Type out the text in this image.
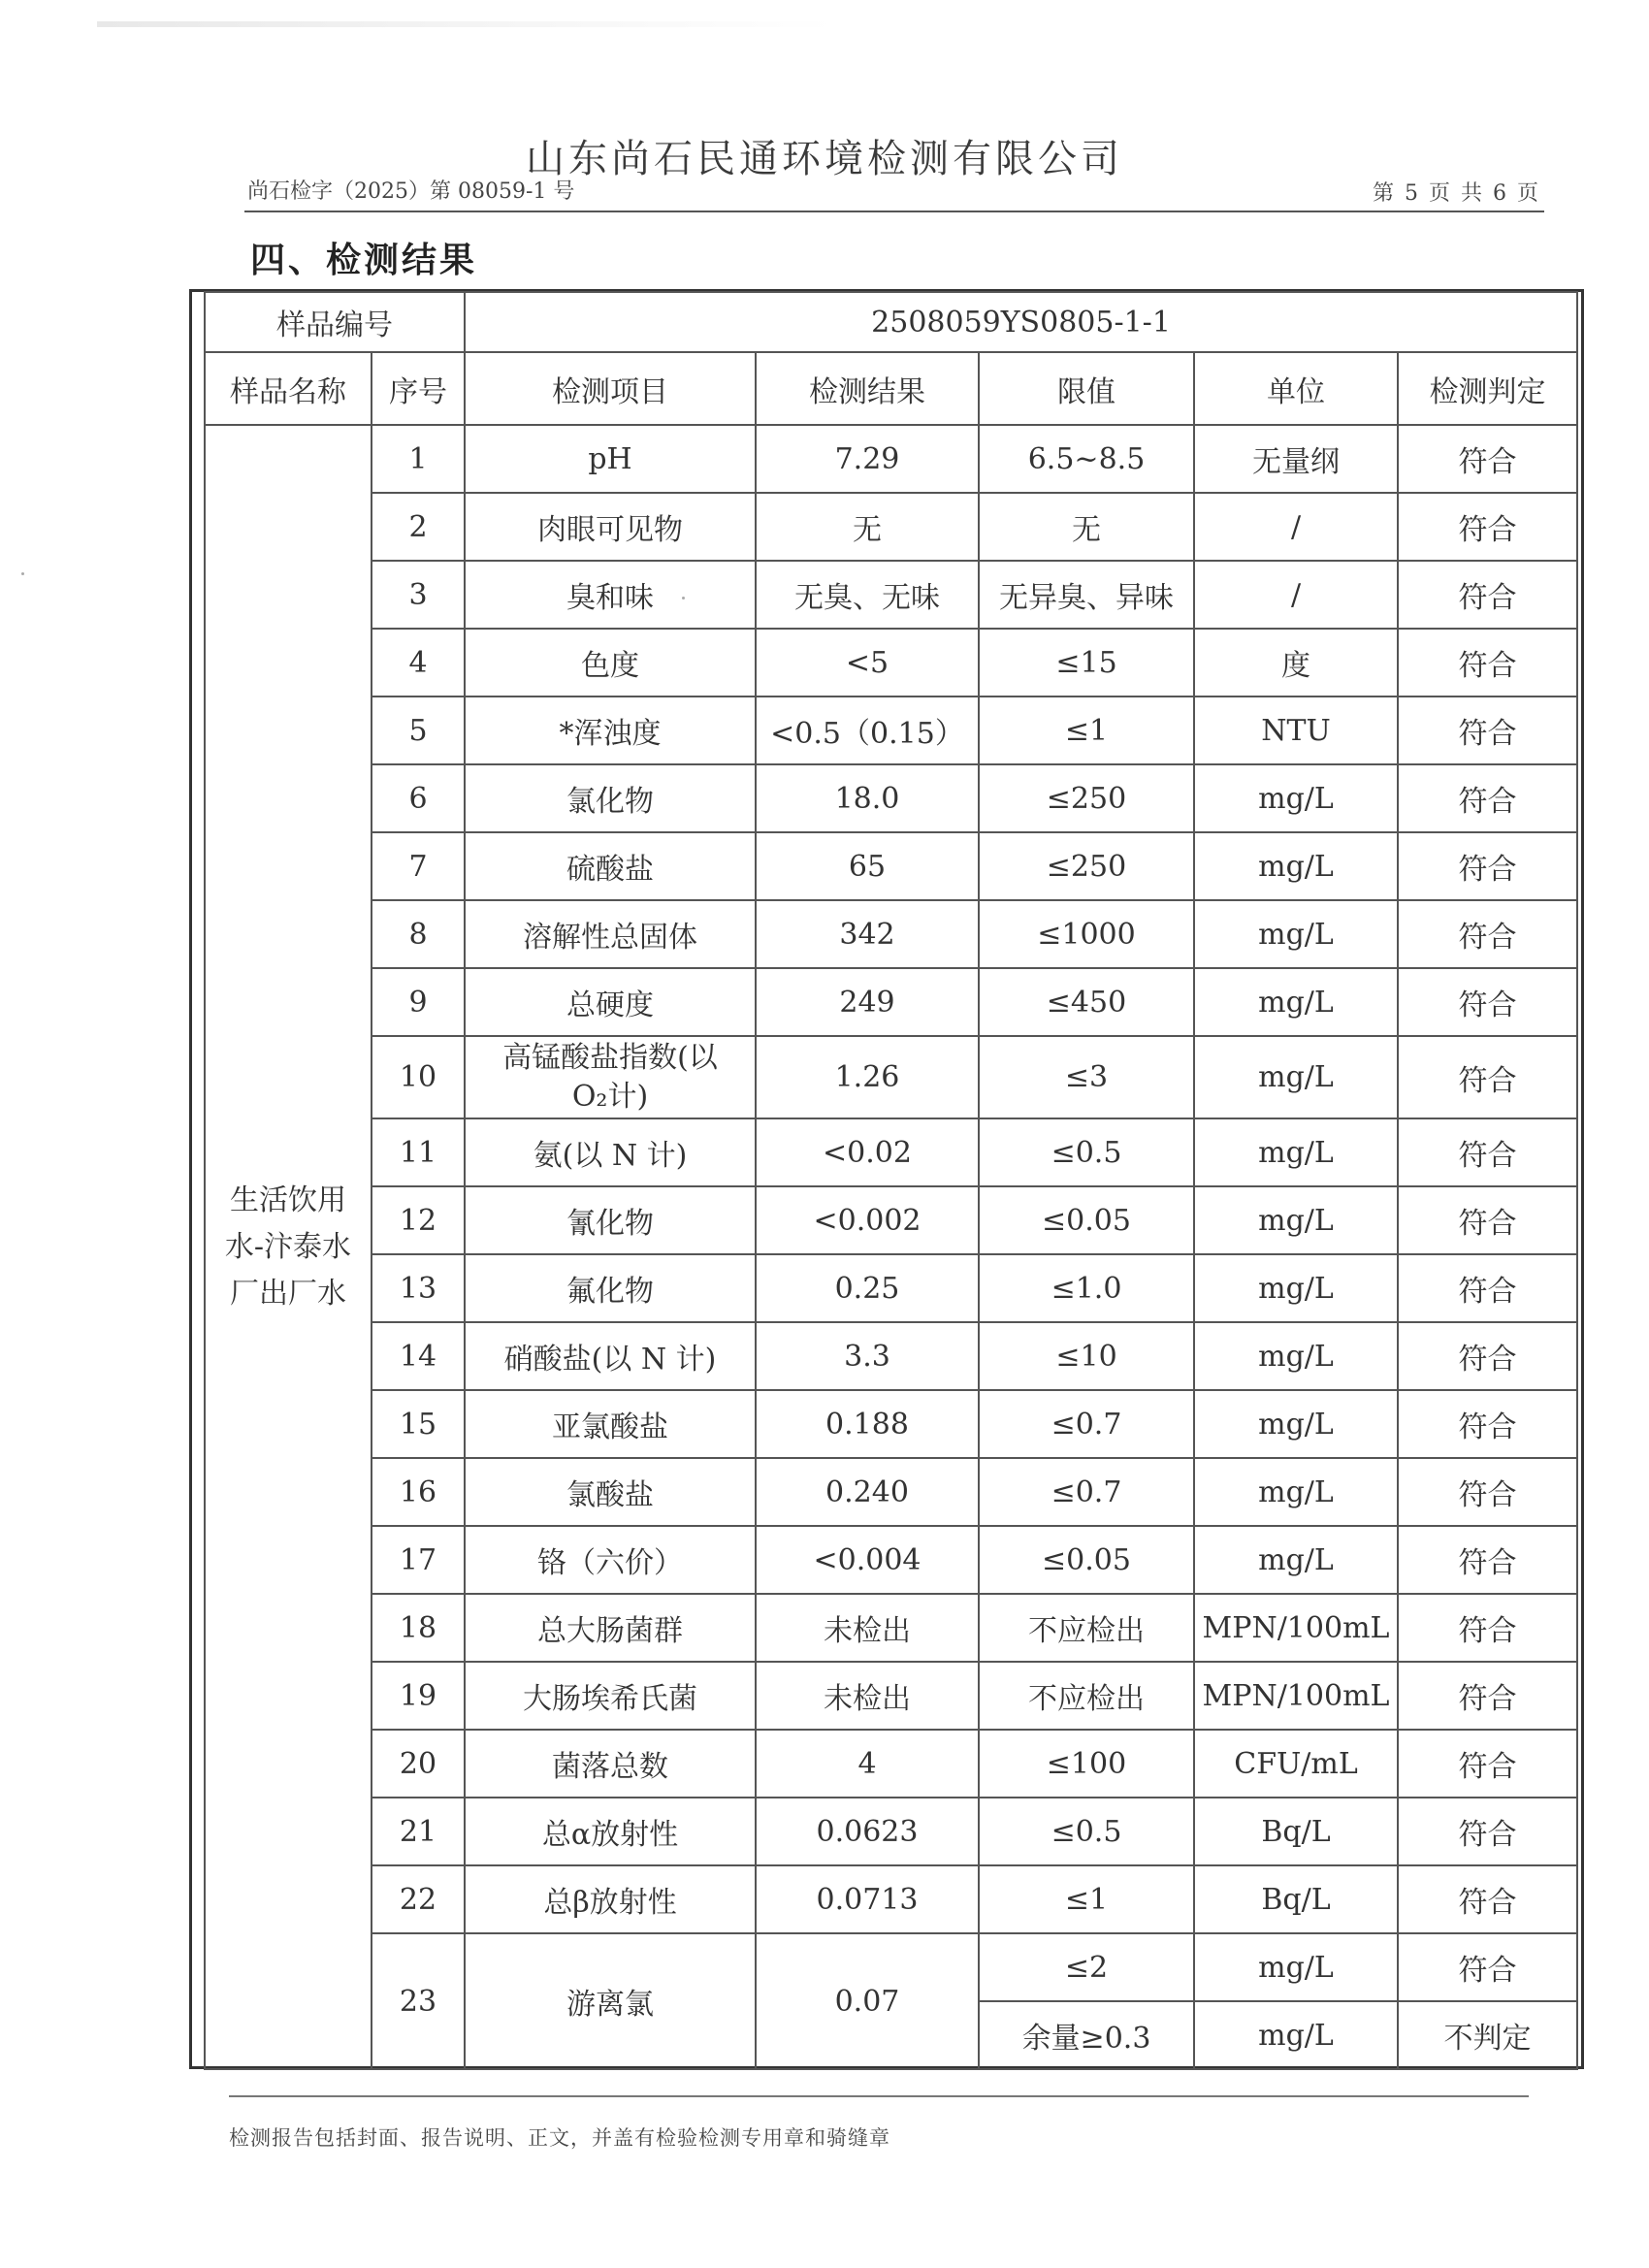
山东尚石民通环境检测有限公司
尚石检字（2025）第 08059-1 号	第 5 页 共 6 页
四、检测结果
样品编号		2508059YS0805-1-1				
样品名称	序号	检测项目	检测结果	限值	单位	检测判定
生活饮用水-汴泰水厂出厂水	1	pH	7.29	6.5~8.5	无量纲	符合
	2	肉眼可见物	无	无	/	符合
	3	臭和味	无臭、无味	无异臭、异味	/	符合
	4	色度	<5	≤15	度	符合
	5	*浑浊度	<0.5（0.15）	≤1	NTU	符合
	6	氯化物	18.0	≤250	mg/L	符合
	7	硫酸盐	65	≤250	mg/L	符合
	8	溶解性总固体	342	≤1000	mg/L	符合
	9	总硬度	249	≤450	mg/L	符合
	10	高锰酸盐指数(以O₂计)	1.26	≤3	mg/L	符合
	11	氨(以 N 计)	<0.02	≤0.5	mg/L	符合
	12	氰化物	<0.002	≤0.05	mg/L	符合
	13	氟化物	0.25	≤1.0	mg/L	符合
	14	硝酸盐(以 N 计)	3.3	≤10	mg/L	符合
	15	亚氯酸盐	0.188	≤0.7	mg/L	符合
	16	氯酸盐	0.240	≤0.7	mg/L	符合
	17	铬（六价）	<0.004	≤0.05	mg/L	符合
	18	总大肠菌群	未检出	不应检出	MPN/100mL	符合
	19	大肠埃希氏菌	未检出	不应检出	MPN/100mL	符合
	20	菌落总数	4	≤100	CFU/mL	符合
	21	总α放射性	0.0623	≤0.5	Bq/L	符合
	22	总β放射性	0.0713	≤1	Bq/L	符合
	23	游离氯	0.07	≤2	mg/L	符合
				余量≥0.3	mg/L	不判定
检测报告包括封面、报告说明、正文，并盖有检验检测专用章和骑缝章
